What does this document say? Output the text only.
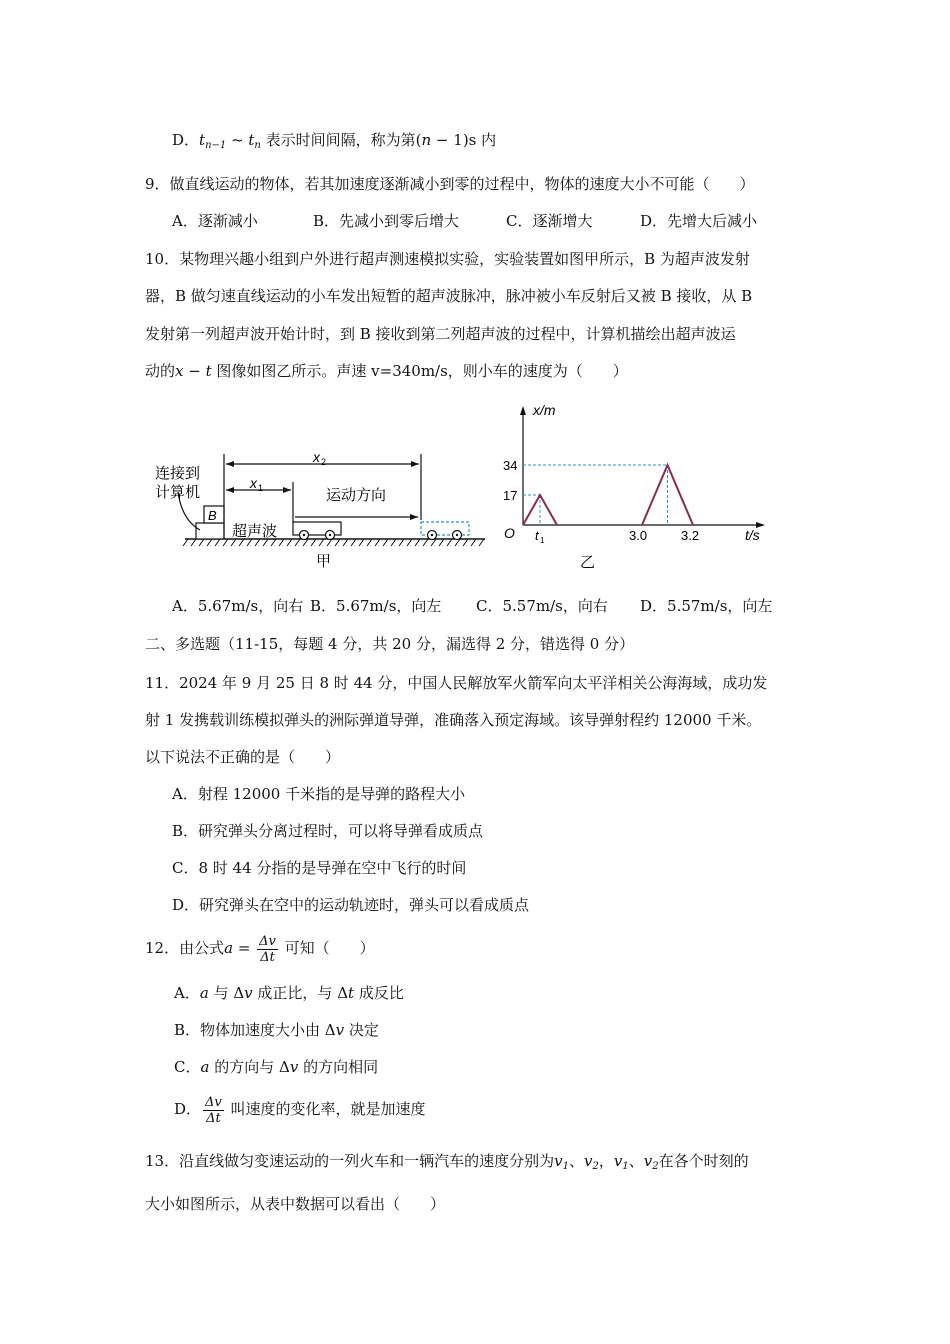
D．$t_{n-1}$ ~ $t_n$ 表示时间间隔，称为第(n − 1)s 内
9．做直线运动的物体，若其加速度逐渐减小到零的过程中，物体的速度大小不可能（　　）
A．逐渐减小	B．先减小到零后增大	C．逐渐增大	D．先增大后减小
10．某物理兴趣小组到户外进行超声测速模拟实验，实验装置如图甲所示，B 为超声波发射
器，B 做匀速直线运动的小车发出短暂的超声波脉冲，脉冲被小车反射后又被 B 接收，从 B
发射第一列超声波开始计时，到 B 接收到第二列超声波的过程中，计算机描绘出超声波运
动的x − t 图像如图乙所示。声速 v=340m/s，则小车的速度为（　　）
B
连接到
计算机
x 2
x 1	运动方向
超声波
甲
x/m
t/s
O
17
34
t 1	3.0	3.2
乙
A．5.67m/s，向右 B．5.67m/s，向左 C．5.57m/s，向右 D．5.57m/s，向左
二、多选题（11-15，每题 4 分，共 20 分，漏选得 2 分，错选得 0 分）
11．2024 年 9 月 25 日 8 时 44 分，中国人民解放军火箭军向太平洋相关公海海域，成功发
射 1 发携载训练模拟弹头的洲际弹道导弹，准确落入预定海域。该导弹射程约 12000 千米。
以下说法不正确的是（　　）
A．射程 12000 千米指的是导弹的路程大小
B．研究弹头分离过程时，可以将导弹看成质点
C．8 时 44 分指的是导弹在空中飞行的时间
D．研究弹头在空中的运动轨迹时，弹头可以看成质点
12．由公式$a = \frac{\Delta v}{\Delta t}$ 可知（　　）
A．a 与 Δv 成正比，与 Δt 成反比
B．物体加速度大小由 Δv 决定
C．a 的方向与 Δv 的方向相同
D． $\frac{\Delta v}{\Delta t}$ 叫速度的变化率，就是加速度
13．沿直线做匀变速运动的一列火车和一辆汽车的速度分别为$v_1$、$v_2$，$v_1$、$v_2$在各个时刻的
大小如图所示，从表中数据可以看出（　　）
